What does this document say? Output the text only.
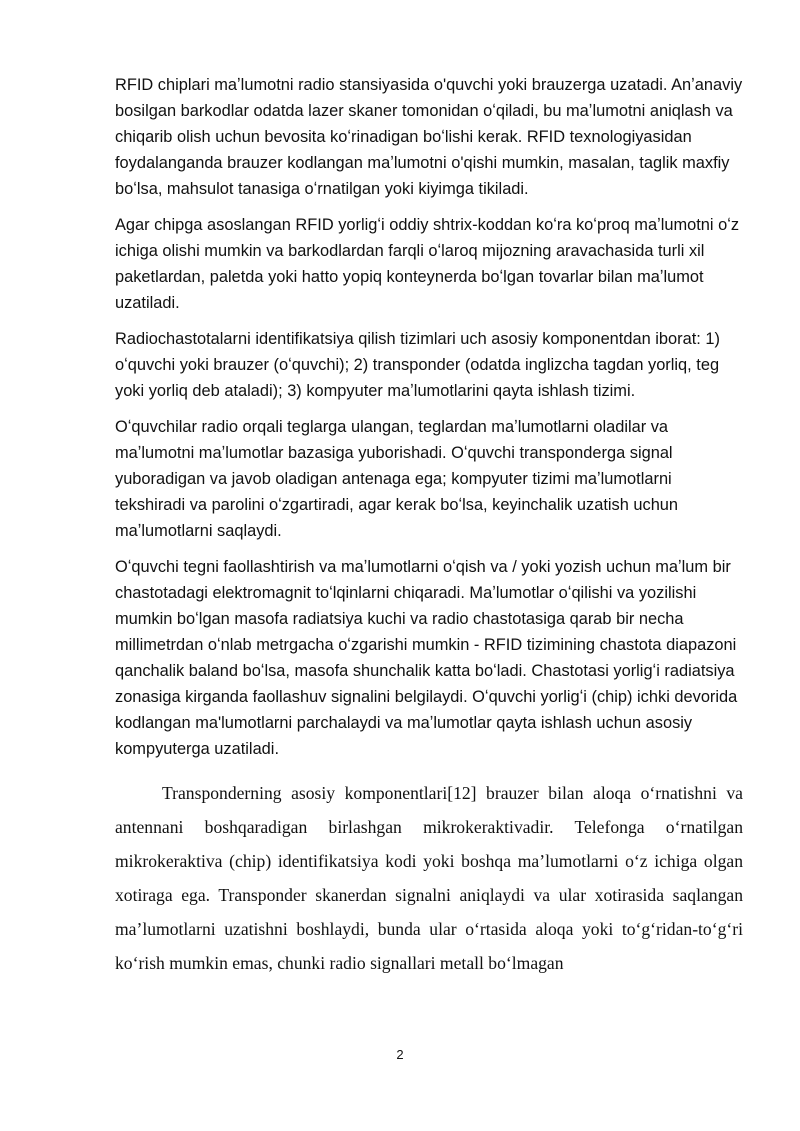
RFID chiplari maʼlumotni radio stansiyasida o'quvchi yoki brauzerga uzatadi. Anʼanaviy bosilgan barkodlar odatda lazer skaner tomonidan oʻqiladi, bu maʼlumotni aniqlash va chiqarib olish uchun bevosita koʻrinadigan boʻlishi kerak. RFID texnologiyasidan foydalanganda brauzer kodlangan maʼlumotni o'qishi mumkin, masalan, taglik maxfiy boʻlsa, mahsulot tanasiga oʻrnatilgan yoki kiyimga tikiladi.

Agar chipga asoslangan RFID yorligʻi oddiy shtrix-koddan koʻra koʻproq maʼlumotni oʻz ichiga olishi mumkin va barkodlardan farqli oʻlaroq mijozning aravachasida turli xil paketlardan, paletda yoki hatto yopiq konteynerda boʻlgan tovarlar bilan maʼlumot uzatiladi.

Radiochastotalarni identifikatsiya qilish tizimlari uch asosiy komponentdan iborat: 1) oʻquvchi yoki brauzer (oʻquvchi); 2) transponder (odatda inglizcha tagdan yorliq, teg yoki yorliq deb ataladi); 3) kompyuter maʼlumotlarini qayta ishlash tizimi.

Oʻquvchilar radio orqali teglarga ulangan, teglardan maʼlumotlarni oladilar va maʼlumotni maʼlumotlar bazasiga yuborishadi. Oʻquvchi transponderga signal yuboradigan va javob oladigan antenaga ega; kompyuter tizimi maʼlumotlarni tekshiradi va parolini oʻzgartiradi, agar kerak boʻlsa, keyinchalik uzatish uchun maʼlumotlarni saqlaydi.

Oʻquvchi tegni faollashtirish va maʼlumotlarni oʻqish va / yoki yozish uchun maʼlum bir chastotadagi elektromagnit toʻlqinlarni chiqaradi. Maʼlumotlar oʻqilishi va yozilishi mumkin boʻlgan masofa radiatsiya kuchi va radio chastotasiga qarab bir necha millimetrdan oʻnlab metrgacha oʻzgarishi mumkin - RFID tizimining chastota diapazoni qanchalik baland boʻlsa, masofa shunchalik katta boʻladi. Chastotasi yorligʻi radiatsiya zonasiga kirganda faollashuv signalini belgilaydi. Oʻquvchi yorligʻi (chip) ichki devorida kodlangan ma'lumotlarni parchalaydi va maʼlumotlar qayta ishlash uchun asosiy kompyuterga uzatiladi.

Transponderning asosiy komponentlari[12] brauzer bilan aloqa oʻrnatishni va antennani boshqaradigan birlashgan mikrokeraktivadir. Telefonga oʻrnatilgan mikrokeraktiva (chip) identifikatsiya kodi yoki boshqa maʼlumotlarni oʻz ichiga olgan xotiraga ega. Transponder skanerdan signalni aniqlaydi va ular xotirasida saqlangan maʼlumotlarni uzatishni boshlaydi, bunda ular oʻrtasida aloqa yoki toʻgʻridan-toʻgʻri koʻrish mumkin emas, chunki radio signallari metall boʻlmagan

2
